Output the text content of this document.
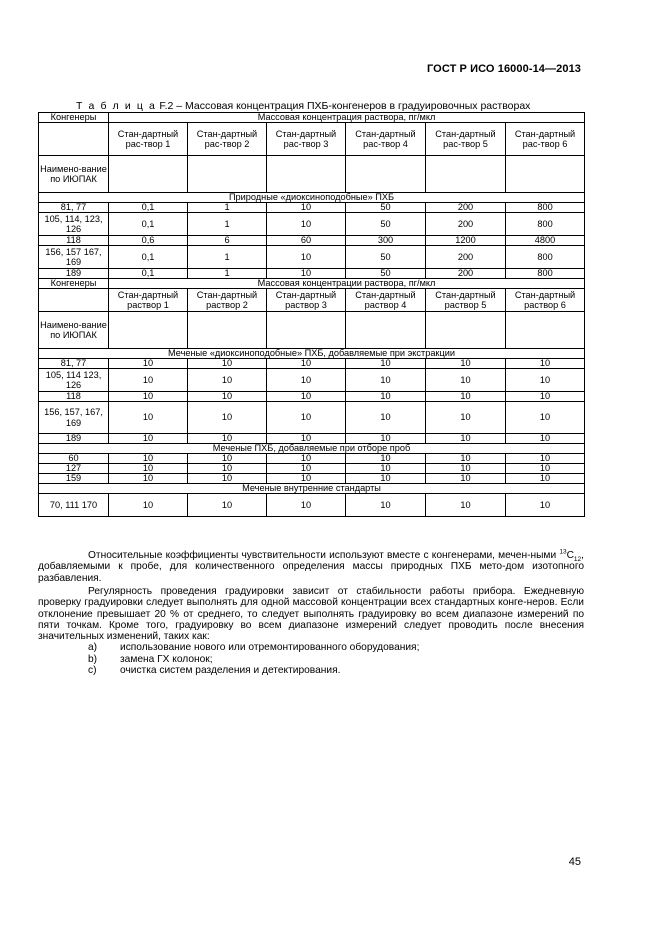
ГОСТ Р ИСО 16000-14—2013
Т а б л и ц а F.2 – Массовая концентрация ПХБ-конгенеров в градуировочных растворах
Конгенеры	Массовая концентрация раствора, пг/мкл					
	Стан-дартный рас-твор 1	Стан-дартный рас-твор 2	Стан-дартный рас-твор 3	Стан-дартный рас-твор 4	Стан-дартный рас-твор 5	Стан-дартный рас-твор 6
Наимено-вание по ИЮПАК						
Природные «диоксиноподобные» ПХБ						
81, 77	0,1	1	10	50	200	800
105, 114, 123, 126	0,1	1	10	50	200	800
118	0,6	6	60	300	1200	4800
156, 157 167, 169	0,1	1	10	50	200	800
189	0,1	1	10	50	200	800
Конгенеры	Массовая концентрации раствора, пг/мкл					
	Стан-дартный раствор 1	Стан-дартный раствор 2	Стан-дартный раствор 3	Стан-дартный раствор 4	Стан-дартный раствор 5	Стан-дартный раствор 6
Наимено-вание по ИЮПАК						
Меченые «диоксиноподобные» ПХБ, добавляемые при экстракции						
81, 77	10	10	10	10	10	10
105, 114 123, 126	10	10	10	10	10	10
118	10	10	10	10	10	10
156, 157, 167, 169	10	10	10	10	10	10
189	10	10	10	10	10	10
Меченые ПХБ, добавляемые при отборе проб						
60	10	10	10	10	10	10
127	10	10	10	10	10	10
159	10	10	10	10	10	10
Меченые внутренние стандарты						
70, 111 170	10	10	10	10	10	10

Относительные коэффициенты чувствительности используют вместе с конгенерами, мечен-ными $^{13}С_{12}$, добавляемыми к пробе, для количественного определения массы природных ПХБ мето-дом изотопного разбавления.

Регулярность проведения градуировки зависит от стабильности работы прибора. Ежедневную проверку градуировки следует выполнять для одной массовой концентрации всех стандартных конге-неров. Если отклонение превышает 20 % от среднего, то следует выполнять градуировку во всем диапазоне измерений по пяти точкам. Кроме того, градуировку во всем диапазоне измерений следует проводить после внесения значительных изменений, таких как:

a)	использование нового или отремонтированного оборудования;
b)	замена ГХ колонок;
c)	очистка систем разделения и детектирования.
45
